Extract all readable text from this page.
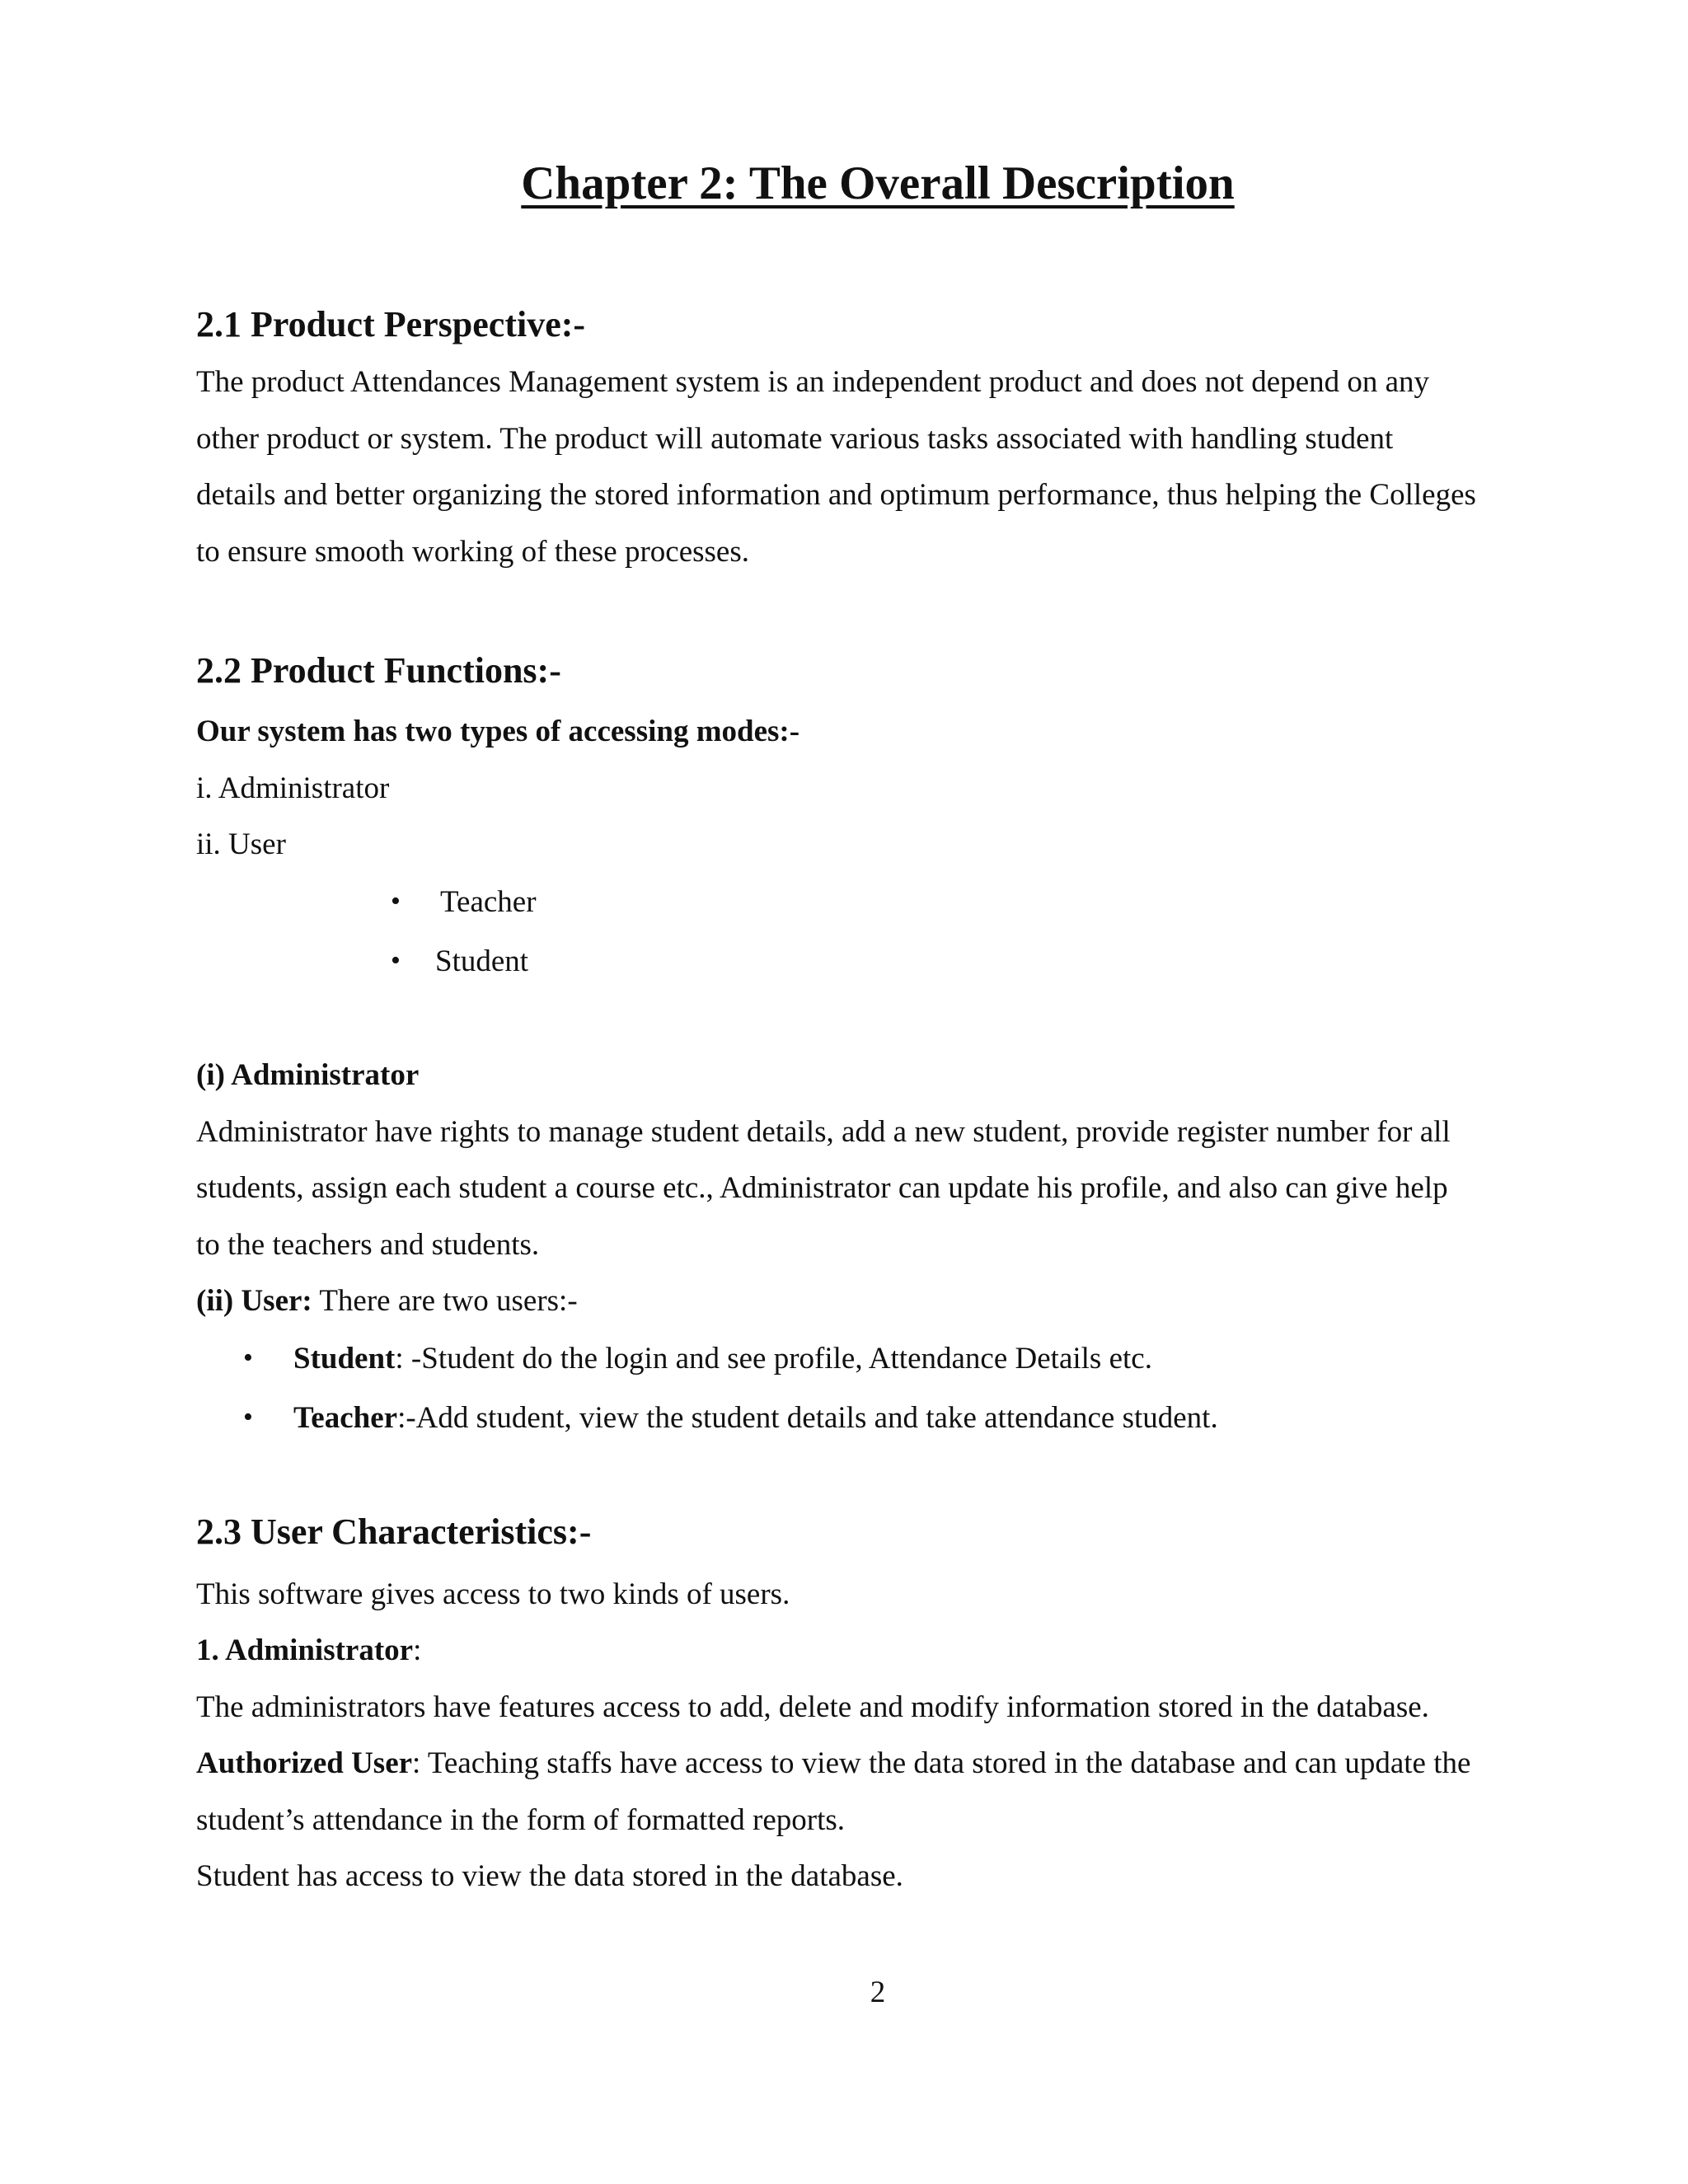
Chapter 2: The Overall Description
2.1 Product Perspective:-
The product Attendances Management system is an independent product and does not depend on any
other product or system. The product will automate various tasks associated with handling student
details and better organizing the stored information and optimum performance, thus helping the Colleges
to ensure smooth working of these processes.
2.2 Product Functions:-
Our system has two types of accessing modes:-
i. Administrator
ii. User
• Teacher
• Student
(i) Administrator
Administrator have rights to manage student details, add a new student, provide register number for all
students, assign each student a course etc., Administrator can update his profile, and also can give help
to the teachers and students.
(ii) User: There are two users:-
• Student: -Student do the login and see profile, Attendance Details etc.
• Teacher:-Add student, view the student details and take attendance student.
2.3 User Characteristics:-
This software gives access to two kinds of users.
1. Administrator:
The administrators have features access to add, delete and modify information stored in the database.
Authorized User: Teaching staffs have access to view the data stored in the database and can update the
student’s attendance in the form of formatted reports.
Student has access to view the data stored in the database.
2
